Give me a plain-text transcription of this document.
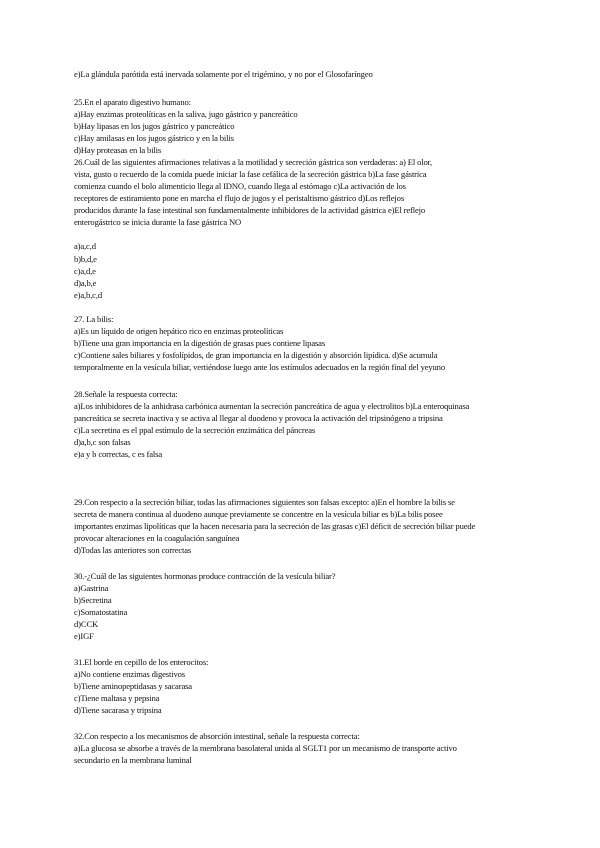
e)La glándula parótida está inervada solamente por el trigémino, y no por el Glosofaríngeo
25.En el aparato digestivo humano:
a)Hay enzimas proteolíticas en la saliva, jugo gástrico y pancreático
b)Hay lipasas en los jugos gástrico y pancreático
c)Hay amilasas en los jugos gástrico y en la bilis
d)Hay proteasas en la bilis
26.Cuál de las siguientes afirmaciones relativas a la motilidad y secreción gástrica son verdaderas: a) El olor,
vista, gusto o recuerdo de la comida puede iniciar la fase cefálica de la secreción gástrica b)La fase gástrica
comienza cuando el bolo alimenticio llega al IDNO, cuando llega al estómago c)La activación de los
receptores de estiramiento pone en marcha el flujo de jugos y el peristaltismo gástrico d)Los reflejos
producidos durante la fase intestinal son fundamentalmente inhibidores de la actividad gástrica e)El reflejo
enterogástrico se inicia durante la fase gástrica NO
a)a,c,d
b)b,d,e
c)a,d,e
d)a,b,e
e)a,b,c,d
27. La bilis:
a)Es un líquido de origen hepático rico en enzimas proteolíticas
b)Tiene una gran importancia en la digestión de grasas pues contiene lipasas
c)Contiene sales biliares y fosfolípidos, de gran importancia en la digestión y absorción lipídica. d)Se acumula
temporalmente en la vesícula biliar, vertiéndose luego ante los estímulos adecuados en la región final del yeyuno
28.Señale la respuesta correcta:
a)Los inhibidores de la anhidrasa carbónica aumentan la secreción pancreática de agua y electrolitos b)La enteroquinasa
pancreática se secreta inactiva y se activa al llegar al duodeno y provoca la activación del tripsinógeno a tripsina
c)La secretina es el ppal estímulo de la secreción enzimática del páncreas
d)a,b,c son falsas
e)a y b correctas, c es falsa
29.Con respecto a la secreción biliar, todas las afirmaciones siguientes son falsas excepto: a)En el hombre la bilis se
secreta de manera continua al duodeno aunque previamente se concentre en la vesícula biliar es b)La bilis posee
importantes enzimas lipolíticas que la hacen necesaria para la secreción de las grasas c)El déficit de secreción biliar puede
provocar alteraciones en la coagulación sanguínea
d)Todas las anteriores son correctas
30.-¿Cuál de las siguientes hormonas produce contracción de la vesícula biliar?
a)Gastrina
b)Secretina
c)Somatostatina
d)CCK
e)IGF
31.El borde en cepillo de los enterocitos:
a)No contiene enzimas digestivos
b)Tiene aminopeptidasas y sacarasa
c)Tiene maltasa y pepsina
d)Tiene sacarasa y tripsina
32.Con respecto a los mecanismos de absorción intestinal, señale la respuesta correcta:
a)La glucosa se absorbe a través de la membrana basolateral unida al SGLT1 por un mecanismo de transporte activo
secundario en la membrana luminal
